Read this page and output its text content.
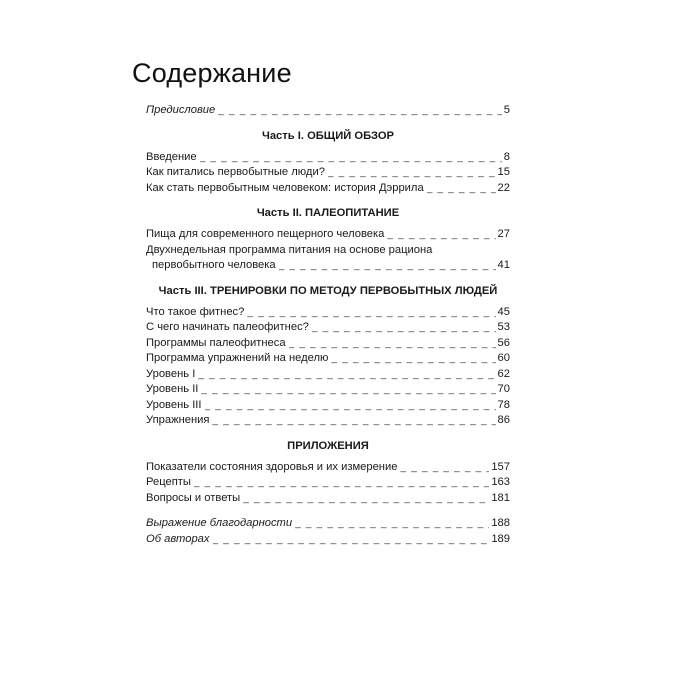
Содержание
Предисловие _ _ _	5
Часть I. ОБЩИЙ ОБЗОР
Введение _ _ _	8
Как питались первобытные люди? _ _ _	15
Как стать первобытным человеком: история Дэррила _ _ _	22
Часть II. ПАЛЕОПИТАНИЕ
Пища для современного пещерного человека _ _ _	27
Двухнедельная программа питания на основе рациона
первобытного человека _ _ _	41
Часть III. ТРЕНИРОВКИ ПО МЕТОДУ ПЕРВОБЫТНЫХ ЛЮДЕЙ
Что такое фитнес? _ _ _	45
С чего начинать палеофитнес? _ _ _	53
Программы палеофитнеса _ _ _	56
Программа упражнений на неделю _ _ _	60
Уровень I _ _ _	62
Уровень II _ _ _	70
Уровень III _ _ _	78
Упражнения _ _ _	86
ПРИЛОЖЕНИЯ
Показатели состояния здоровья и их измерение _ _ _	157
Рецепты _ _ _	163
Вопросы и ответы _ _ _	181
Выражение благодарности _ _ _	188
Об авторах _ _ _	189
